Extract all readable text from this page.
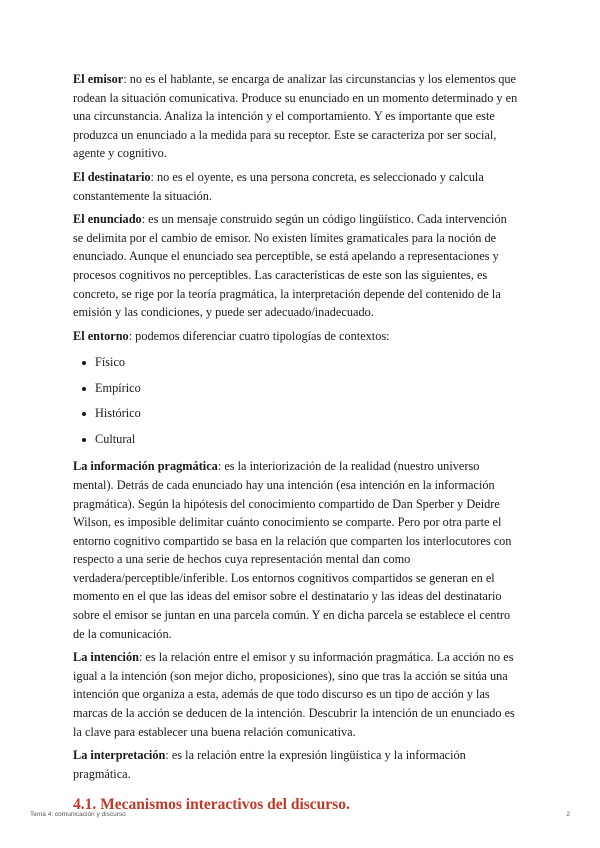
El emisor: no es el hablante, se encarga de analizar las circunstancias y los elementos que rodean la situación comunicativa. Produce su enunciado en un momento determinado y en una circunstancia. Analiza la intención y el comportamiento. Y es importante que este produzca un enunciado a la medida para su receptor. Este se caracteriza por ser social, agente y cognitivo.

El destinatario: no es el oyente, es una persona concreta, es seleccionado y calcula constantemente la situación.

El enunciado: es un mensaje construido según un código lingüístico. Cada intervención se delimita por el cambio de emisor. No existen límites gramaticales para la noción de enunciado. Aunque el enunciado sea perceptible, se está apelando a representaciones y procesos cognitivos no perceptibles. Las características de este son las siguientes, es concreto, se rige por la teoría pragmática, la interpretación depende del contenido de la emisión y las condiciones, y puede ser adecuado/inadecuado.

El entorno: podemos diferenciar cuatro tipologías de contextos:

Físico
Empírico
Histórico
Cultural

La información pragmática: es la interiorización de la realidad (nuestro universo mental). Detrás de cada enunciado hay una intención (esa intención en la información pragmática). Según la hipótesis del conocimiento compartido de Dan Sperber y Deidre Wilson, es imposible delimitar cuánto conocimiento se comparte. Pero por otra parte el entorno cognitivo compartido se basa en la relación que comparten los interlocutores con respecto a una serie de hechos cuya representación mental dan como verdadera/perceptible/inferible. Los entornos cognitivos compartidos se generan en el momento en el que las ideas del emisor sobre el destinatario y las ideas del destinatario sobre el emisor se juntan en una parcela común. Y en dicha parcela se establece el centro de la comunicación.

La intención: es la relación entre el emisor y su información pragmática. La acción no es igual a la intención (son mejor dicho, proposiciones), sino que tras la acción se sitúa una intención que organiza a esta, además de que todo discurso es un tipo de acción y las marcas de la acción se deducen de la intención. Descubrir la intención de un enunciado es la clave para establecer una buena relación comunicativa.

La interpretación: es la relación entre la expresión lingüística y la información pragmática.

4.1. Mecanismos interactivos del discurso.
Tema 4: comunicación y discurso	2
